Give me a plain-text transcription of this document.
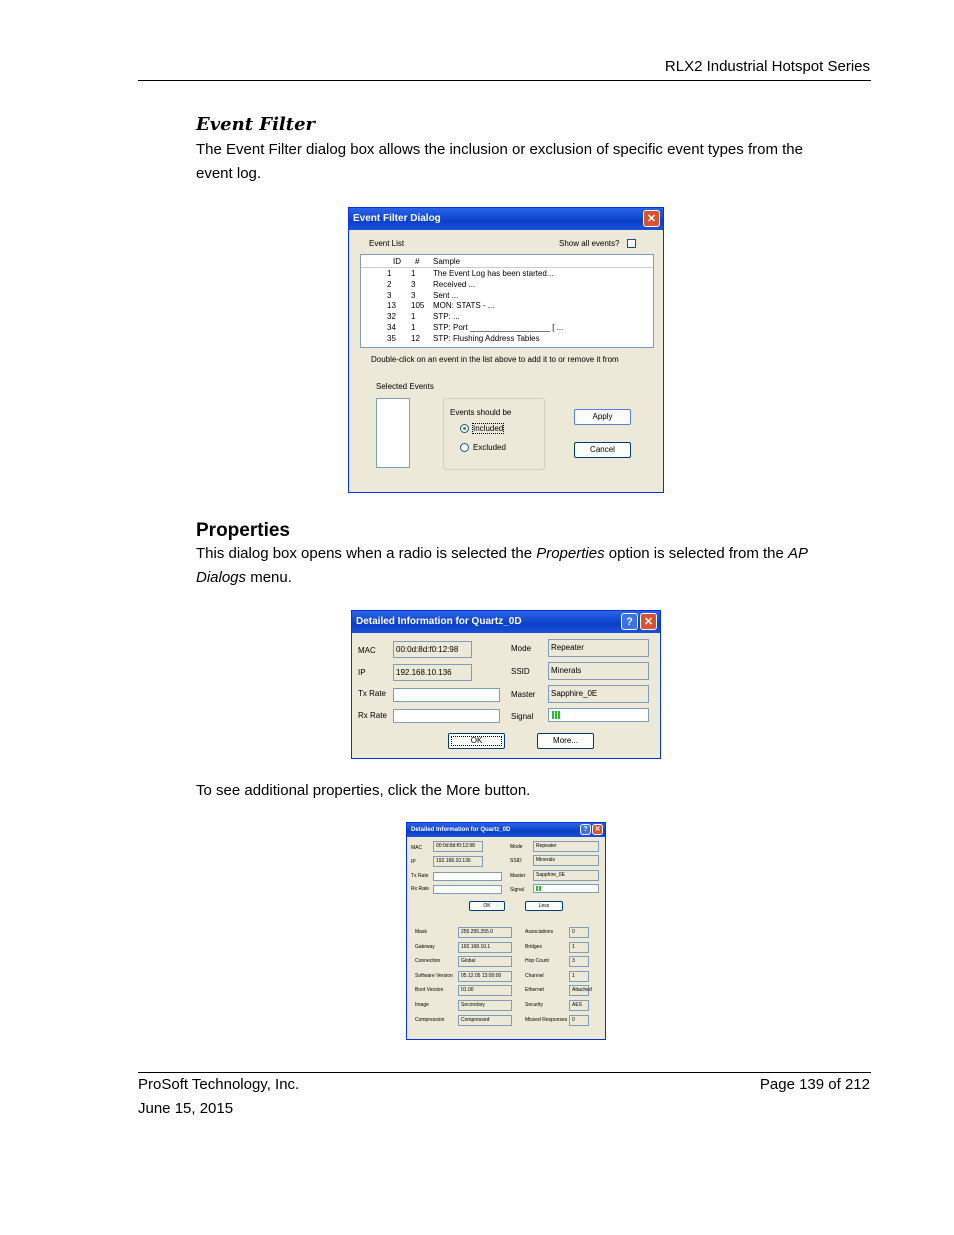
RLX2 Industrial Hotspot Series
Event Filter
The Event Filter dialog box allows the inclusion or exclusion of specific event types from the event log.
Event Filter Dialog	✕
Event List	Show all events?
ID # Sample
1 1 The Event Log has been started...
2 3 Received ...
3 3 Sent ...
13 105 MON: STATS - ...
32 1 STP: ...
34 1 STP: Port __________________ [ ...
35 12 STP: Flushing Address Tables
Double-click on an event in the list above to add it to or remove it from
Selected Events
Events should be
Included
Excluded
Apply
Cancel
Properties
This dialog box opens when a radio is selected the Properties option is selected from the AP Dialogs menu.
Detailed Information for Quartz_0D	?	✕
MAC	00:0d:8d:f0:12:98
IP	192.168.10.136
Tx Rate
Rx Rate
Mode	Repeater
SSID	Minerals
Master	Sapphire_0E
Signal
OK	More...
To see additional properties, click the More button.
Detailed Information for Quartz_0D	? ✕
MAC	00:0d:8d:f0:12:98
IP	192.168.10.136
Tx Rate
Rx Rate
Mode	Repeater
SSID	Minerals
Master	Sapphire_0E
Signal
OK	Less
Mask	255.255.255.0
Gateway	192.168.10.1
Connection	Global
Software Version	05.12.05 13:00:00
Boot Version	01.00
Image	Secondary
Compression	Compressed
Associations	0
Bridges	1
Hop Count	3
Channel	1
Ethernet	Attached
Security	AES
Missed Responses 0
ProSoft Technology, Inc.
June 15, 2015
Page 139 of 212
